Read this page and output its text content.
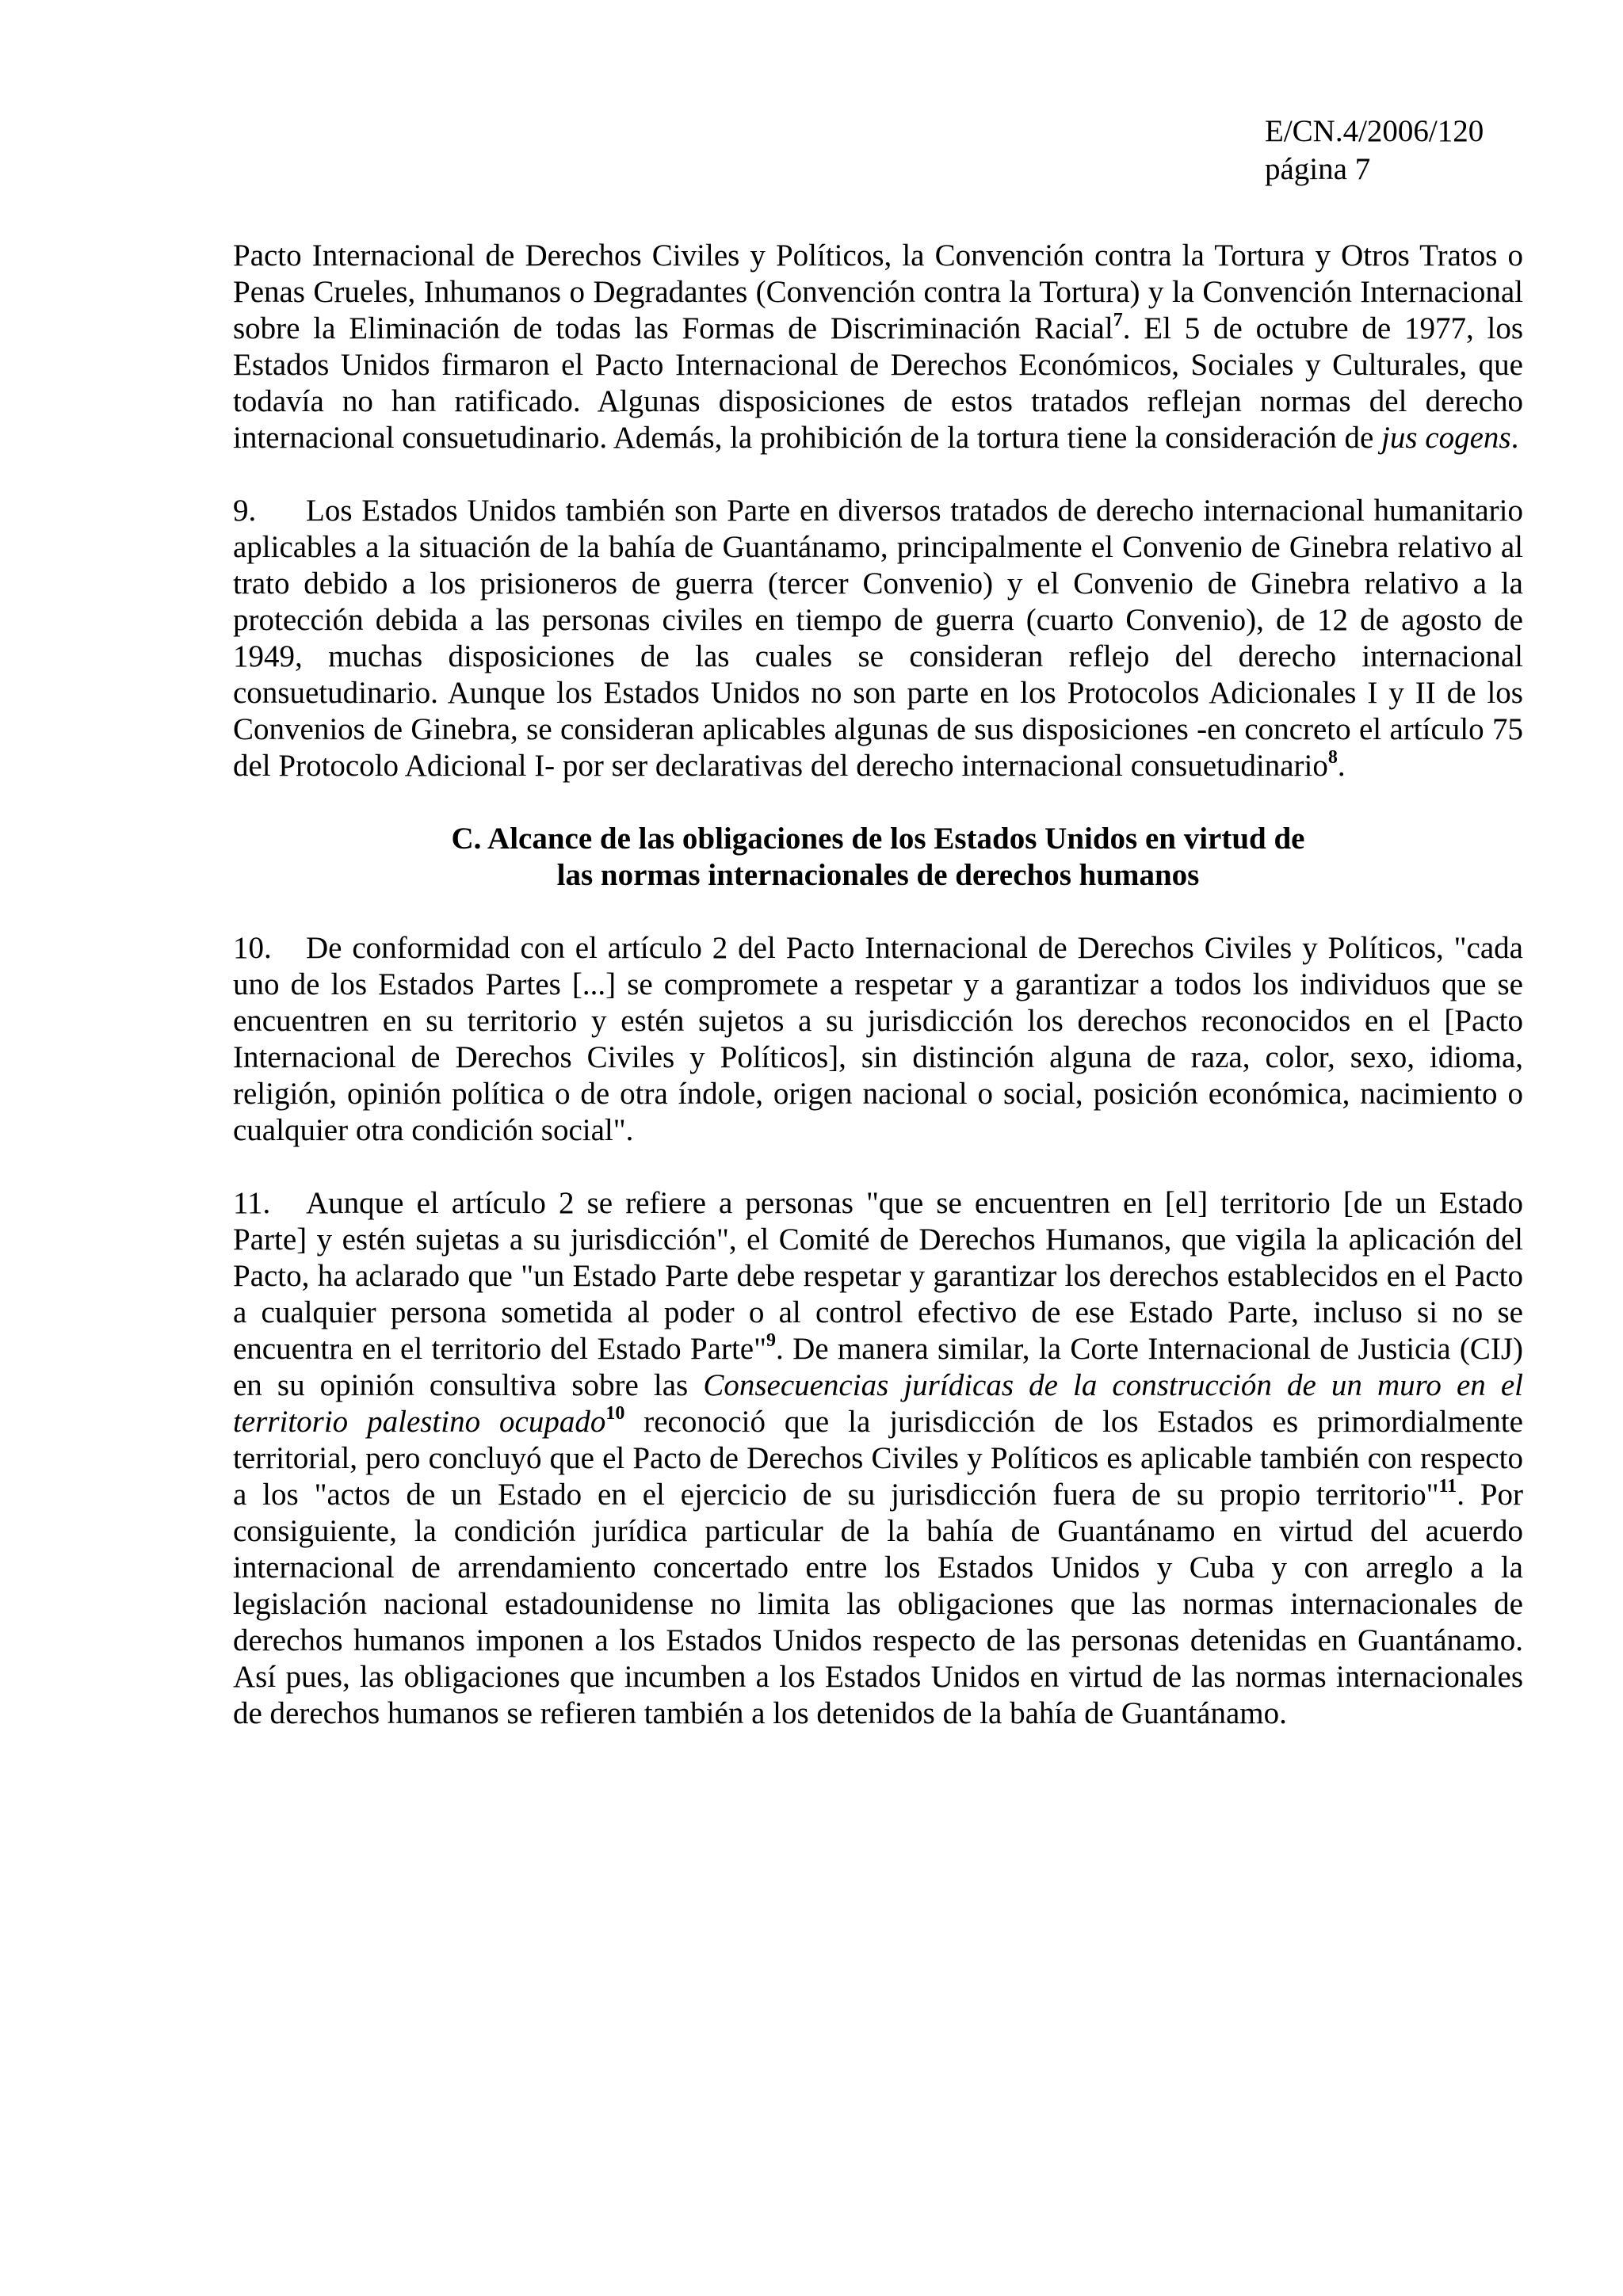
E/CN.4/2006/120
página 7

Pacto Internacional de Derechos Civiles y Políticos, la Convención contra la Tortura y Otros Tratos o Penas Crueles, Inhumanos o Degradantes (Convención contra la Tortura) y la Convención Internacional sobre la Eliminación de todas las Formas de Discriminación Racial$^7$. El 5 de octubre de 1977, los Estados Unidos firmaron el Pacto Internacional de Derechos Económicos, Sociales y Culturales, que todavía no han ratificado. Algunas disposiciones de estos tratados reflejan normas del derecho internacional consuetudinario. Además, la prohibición de la tortura tiene la consideración de jus cogens.

9. Los Estados Unidos también son Parte en diversos tratados de derecho internacional humanitario aplicables a la situación de la bahía de Guantánamo, principalmente el Convenio de Ginebra relativo al trato debido a los prisioneros de guerra (tercer Convenio) y el Convenio de Ginebra relativo a la protección debida a las personas civiles en tiempo de guerra (cuarto Convenio), de 12 de agosto de 1949, muchas disposiciones de las cuales se consideran reflejo del derecho internacional consuetudinario. Aunque los Estados Unidos no son parte en los Protocolos Adicionales I y II de los Convenios de Ginebra, se consideran aplicables algunas de sus disposiciones -en concreto el artículo 75 del Protocolo Adicional I- por ser declarativas del derecho internacional consuetudinario$^8$.

C. Alcance de las obligaciones de los Estados Unidos en virtud de
las normas internacionales de derechos humanos

10. De conformidad con el artículo 2 del Pacto Internacional de Derechos Civiles y Políticos, "cada uno de los Estados Partes [...] se compromete a respetar y a garantizar a todos los individuos que se encuentren en su territorio y estén sujetos a su jurisdicción los derechos reconocidos en el [Pacto Internacional de Derechos Civiles y Políticos], sin distinción alguna de raza, color, sexo, idioma, religión, opinión política o de otra índole, origen nacional o social, posición económica, nacimiento o cualquier otra condición social".

11. Aunque el artículo 2 se refiere a personas "que se encuentren en [el] territorio [de un Estado Parte] y estén sujetas a su jurisdicción", el Comité de Derechos Humanos, que vigila la aplicación del Pacto, ha aclarado que "un Estado Parte debe respetar y garantizar los derechos establecidos en el Pacto a cualquier persona sometida al poder o al control efectivo de ese Estado Parte, incluso si no se encuentra en el territorio del Estado Parte"$^9$. De manera similar, la Corte Internacional de Justicia (CIJ) en su opinión consultiva sobre las Consecuencias jurídicas de la construcción de un muro en el territorio palestino ocupado$^{10}$ reconoció que la jurisdicción de los Estados es primordialmente territorial, pero concluyó que el Pacto de Derechos Civiles y Políticos es aplicable también con respecto a los "actos de un Estado en el ejercicio de su jurisdicción fuera de su propio territorio"$^{11}$. Por consiguiente, la condición jurídica particular de la bahía de Guantánamo en virtud del acuerdo internacional de arrendamiento concertado entre los Estados Unidos y Cuba y con arreglo a la legislación nacional estadounidense no limita las obligaciones que las normas internacionales de derechos humanos imponen a los Estados Unidos respecto de las personas detenidas en Guantánamo. Así pues, las obligaciones que incumben a los Estados Unidos en virtud de las normas internacionales de derechos humanos se refieren también a los detenidos de la bahía de Guantánamo.
